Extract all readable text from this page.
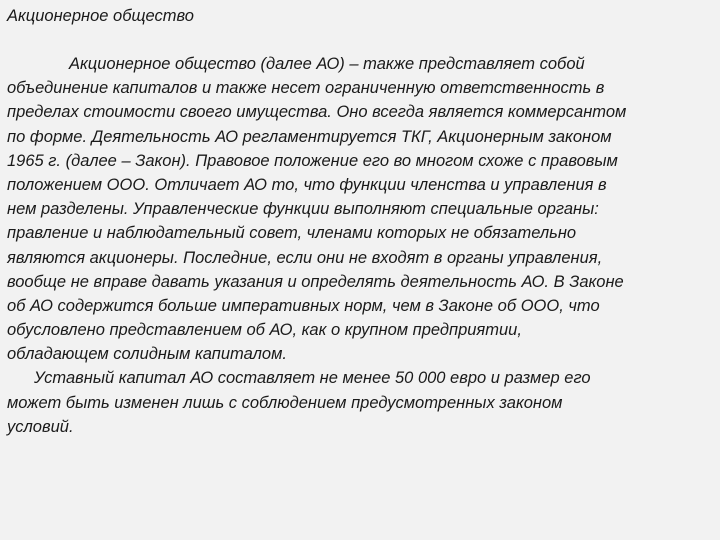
Акционерное общество
Акционерное общество (далее АО) – также представляет собой
объединение капиталов и также несет ограниченную ответственность в
пределах стоимости своего имущества. Оно всегда является коммерсантом
по форме. Деятельность АО регламентируется ТКГ, Акционерным законом
1965 г. (далее – Закон). Правовое положение его во многом схоже с правовым
положением ООО. Отличает АО то, что функции членства и управления в
нем разделены. Управленческие функции выполняют специальные органы:
правление и наблюдательный совет, членами которых не обязательно
являются акционеры. Последние, если они не входят в органы управления,
вообще не вправе давать указания и определять деятельность АО. В Законе
об АО содержится больше императивных норм, чем в Законе об ООО, что
обусловлено представлением об АО, как о крупном предприятии,
обладающем солидным капиталом.
Уставный капитал АО составляет не менее 50 000 евро и размер его
может быть изменен лишь с соблюдением предусмотренных законом
условий.
